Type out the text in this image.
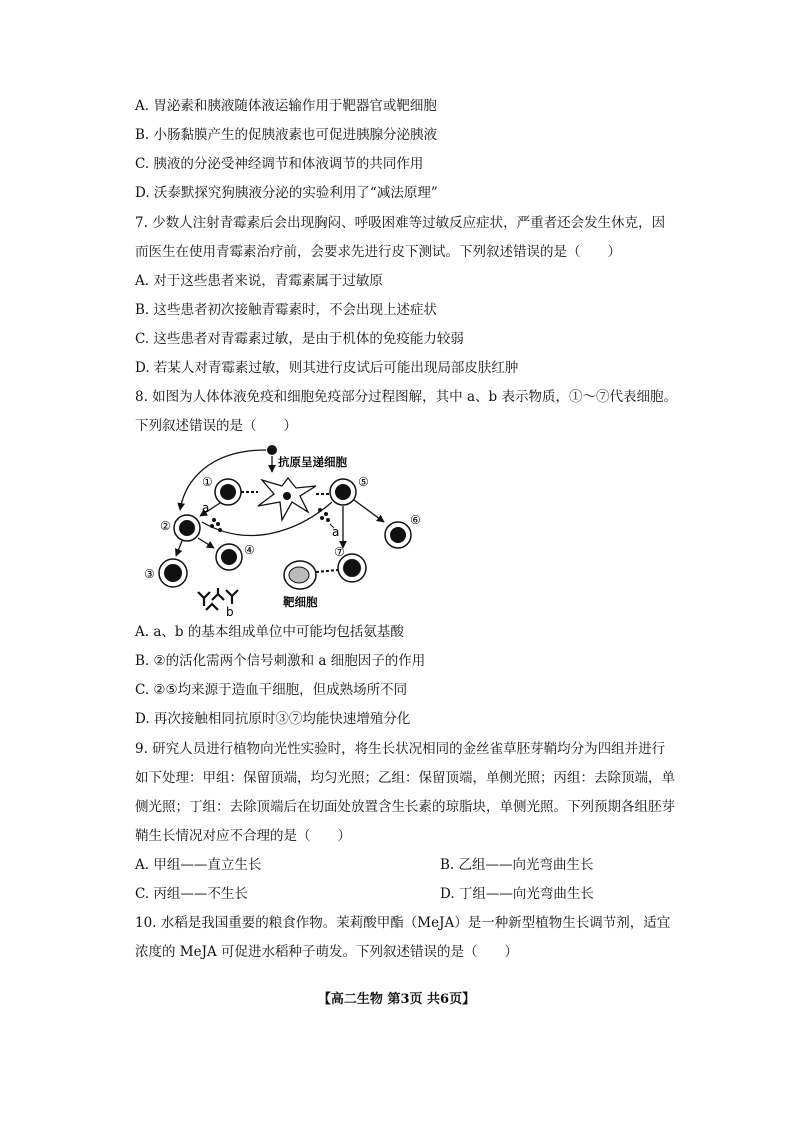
A. 胃泌素和胰液随体液运输作用于靶器官或靶细胞
B. 小肠黏膜产生的促胰液素也可促进胰腺分泌胰液
C. 胰液的分泌受神经调节和体液调节的共同作用
D. 沃泰默探究狗胰液分泌的实验利用了“减法原理”
7. 少数人注射青霉素后会出现胸闷、呼吸困难等过敏反应症状，严重者还会发生休克，因
而医生在使用青霉素治疗前，会要求先进行皮下测试。下列叙述错误的是（　　）
A. 对于这些患者来说，青霉素属于过敏原
B. 这些患者初次接触青霉素时，不会出现上述症状
C. 这些患者对青霉素过敏，是由于机体的免疫能力较弱
D. 若某人对青霉素过敏，则其进行皮试后可能出现局部皮肤红肿
8. 如图为人体体液免疫和细胞免疫部分过程图解，其中 a、b 表示物质，①～⑦代表细胞。
下列叙述错误的是（　　）
抗原呈递细胞
靶细胞
①
②
③
④
⑤
⑥
⑦
a
a
b
A. a、b 的基本组成单位中可能均包括氨基酸
B. ②的活化需两个信号刺激和 a 细胞因子的作用
C. ②⑤均来源于造血干细胞，但成熟场所不同
D. 再次接触相同抗原时③⑦均能快速增殖分化
9. 研究人员进行植物向光性实验时，将生长状况相同的金丝雀草胚芽鞘均分为四组并进行
如下处理：甲组：保留顶端，均匀光照；乙组：保留顶端，单侧光照；丙组：去除顶端，单
侧光照；丁组：去除顶端后在切面处放置含生长素的琼脂块，单侧光照。下列预期各组胚芽
鞘生长情况对应不合理的是（　　）
A. 甲组——直立生长	B. 乙组——向光弯曲生长
C. 丙组——不生长	D. 丁组——向光弯曲生长
10. 水稻是我国重要的粮食作物。茉莉酸甲酯（MeJA）是一种新型植物生长调节剂，适宜
浓度的 MeJA 可促进水稻种子萌发。下列叙述错误的是（　　）
【高二生物 第3页 共6页】
